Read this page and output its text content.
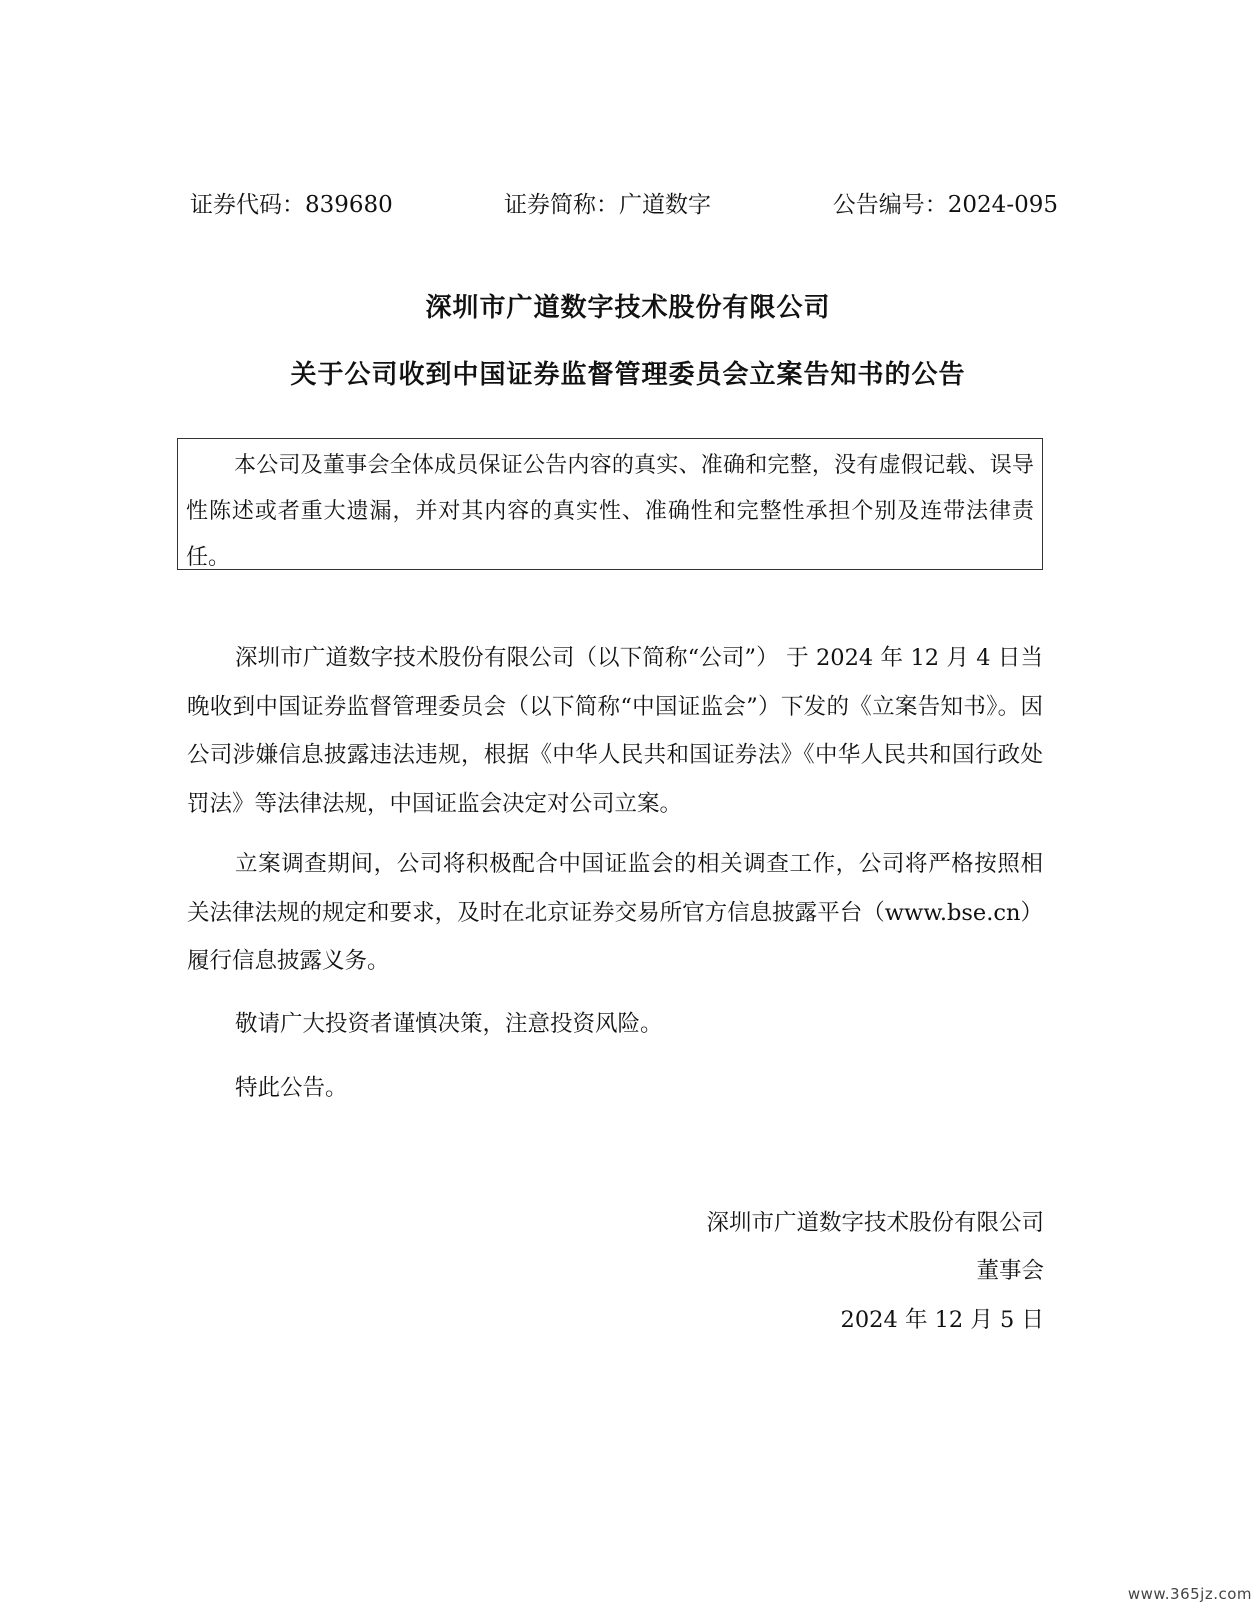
证券代码：839680	证券简称：广道数字	公告编号：2024-095
深圳市广道数字技术股份有限公司
关于公司收到中国证券监督管理委员会立案告知书的公告

本公司及董事会全体成员保证公告内容的真实、准确和完整，没有虚假记载、误导性陈述或者重大遗漏，并对其内容的真实性、准确性和完整性承担个别及连带法律责任。

深圳市广道数字技术股份有限公司（以下简称“公司”） 于 2024 年 12 月 4 日当晚收到中国证券监督管理委员会（以下简称“中国证监会”）下发的《立案告知书》。因公司涉嫌信息披露违法违规，根据《中华人民共和国证券法》《中华人民共和国行政处罚法》等法律法规，中国证监会决定对公司立案。

立案调查期间，公司将积极配合中国证监会的相关调查工作，公司将严格按照相关法律法规的规定和要求，及时在北京证券交易所官方信息披露平台（www.bse.cn）履行信息披露义务。

敬请广大投资者谨慎决策，注意投资风险。

特此公告。

深圳市广道数字技术股份有限公司
董事会
2024 年 12 月 5 日
www.365jz.com
